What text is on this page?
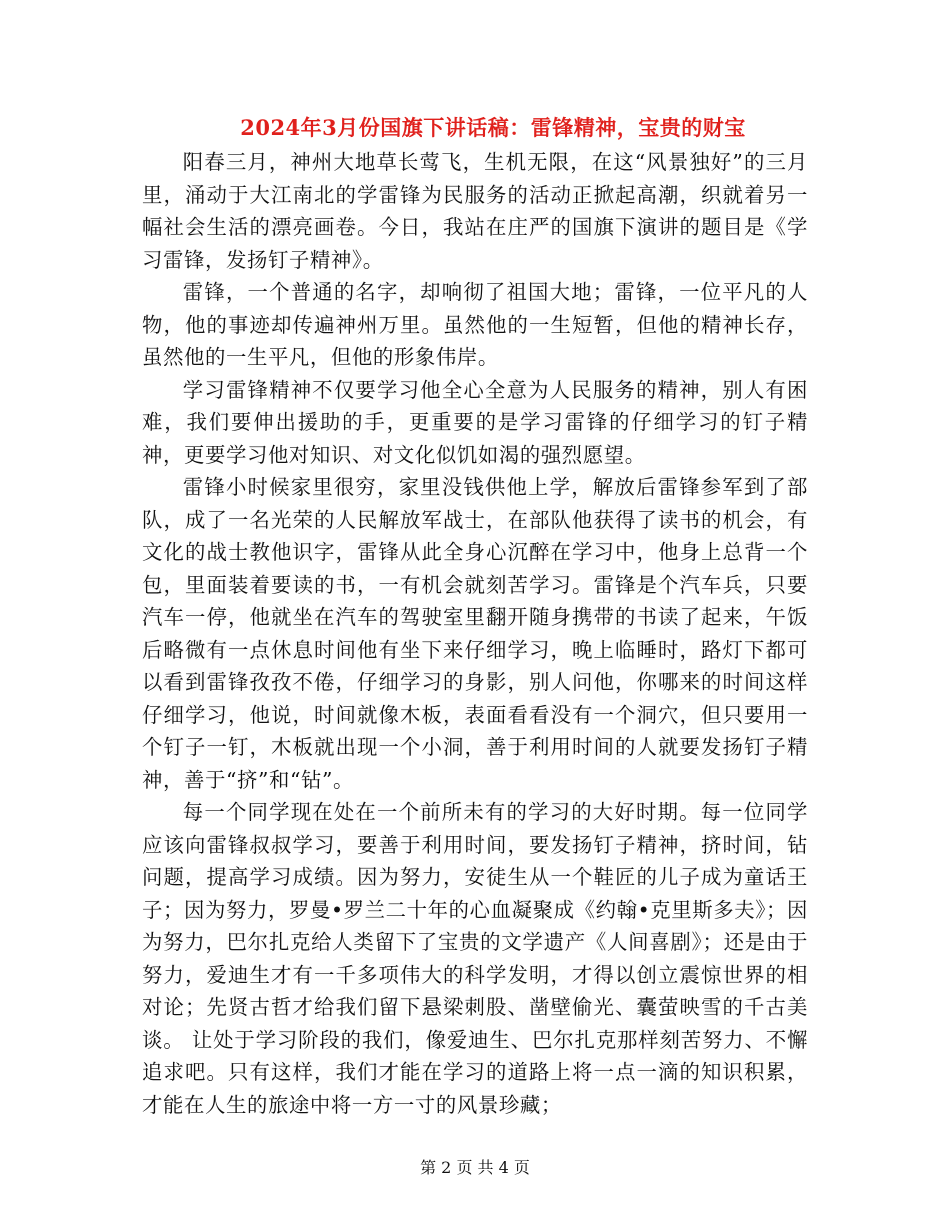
2024年3月份国旗下讲话稿：雷锋精神，宝贵的财宝

阳春三月，神州大地草长莺飞，生机无限，在这“风景独好”的三月里，涌动于大江南北的学雷锋为民服务的活动正掀起高潮，织就着另一幅社会生活的漂亮画卷。今日，我站在庄严的国旗下演讲的题目是《学习雷锋，发扬钉子精神》。

雷锋，一个普通的名字，却响彻了祖国大地；雷锋，一位平凡的人物，他的事迹却传遍神州万里。虽然他的一生短暂，但他的精神长存，虽然他的一生平凡，但他的形象伟岸。

学习雷锋精神不仅要学习他全心全意为人民服务的精神，别人有困难，我们要伸出援助的手，更重要的是学习雷锋的仔细学习的钉子精神，更要学习他对知识、对文化似饥如渴的强烈愿望。

雷锋小时候家里很穷，家里没钱供他上学，解放后雷锋参军到了部队，成了一名光荣的人民解放军战士，在部队他获得了读书的机会，有文化的战士教他识字，雷锋从此全身心沉醉在学习中，他身上总背一个包，里面装着要读的书，一有机会就刻苦学习。雷锋是个汽车兵，只要汽车一停，他就坐在汽车的驾驶室里翻开随身携带的书读了起来，午饭后略微有一点休息时间他有坐下来仔细学习，晚上临睡时，路灯下都可以看到雷锋孜孜不倦，仔细学习的身影，别人问他，你哪来的时间这样仔细学习，他说，时间就像木板，表面看看没有一个洞穴，但只要用一个钉子一钉，木板就出现一个小洞，善于利用时间的人就要发扬钉子精神，善于“挤”和“钻”。

每一个同学现在处在一个前所未有的学习的大好时期。每一位同学应该向雷锋叔叔学习，要善于利用时间，要发扬钉子精神，挤时间，钻问题，提高学习成绩。因为努力，安徒生从一个鞋匠的儿子成为童话王子；因为努力，罗曼•罗兰二十年的心血凝聚成《约翰•克里斯多夫》；因为努力，巴尔扎克给人类留下了宝贵的文学遗产《人间喜剧》；还是由于努力，爱迪生才有一千多项伟大的科学发明，才得以创立震惊世界的相对论；先贤古哲才给我们留下悬梁刺股、凿壁偷光、囊萤映雪的千古美谈。 让处于学习阶段的我们，像爱迪生、巴尔扎克那样刻苦努力、不懈追求吧。只有这样，我们才能在学习的道路上将一点一滴的知识积累，才能在人生的旅途中将一方一寸的风景珍藏；

第 2 页 共 4 页
